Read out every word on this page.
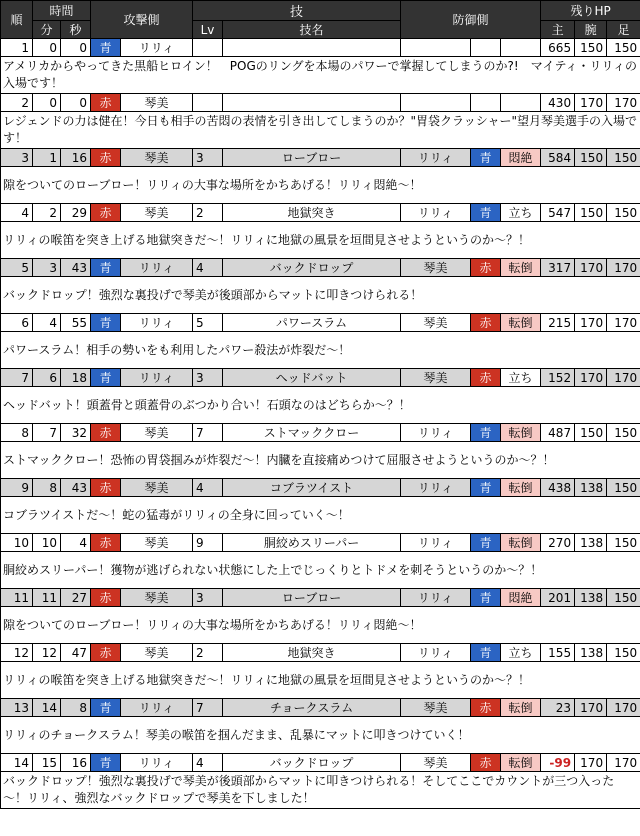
順	時間		攻撃側		技		防御側			残りHP		
	分	秒			Lv	技名				主	腕	足
1	0	0	青	リリィ						665	150	150
アメリカからやってきた黒船ヒロイン！　POGのリングを本場のパワーで掌握してしまうのか?!　マイティ・リリィの入場です！												
2	0	0	赤	琴美						430	170	170
レジェンドの力は健在！今日も相手の苦悶の表情を引き出してしまうのか？"胃袋クラッシャー"望月琴美選手の入場です！												
3	1	16	赤	琴美	3	ローブロー	リリィ	青	悶絶	584	150	150
隙をついてのローブロー！リリィの大事な場所をかちあげる！リリィ悶絶～！												
4	2	29	赤	琴美	2	地獄突き	リリィ	青	立ち	547	150	150
リリィの喉笛を突き上げる地獄突きだ～！リリィに地獄の風景を垣間見させようというのか～？！												
5	3	43	青	リリィ	4	バックドロップ	琴美	赤	転倒	317	170	170
バックドロップ！強烈な裏投げで琴美が後頭部からマットに叩きつけられる！												
6	4	55	青	リリィ	5	パワースラム	琴美	赤	転倒	215	170	170
パワースラム！相手の勢いをも利用したパワー殺法が炸裂だ～！												
7	6	18	青	リリィ	3	ヘッドバット	琴美	赤	立ち	152	170	170
ヘッドバット！頭蓋骨と頭蓋骨のぶつかり合い！石頭なのはどちらか～？！												
8	7	32	赤	琴美	7	ストマッククロー	リリィ	青	転倒	487	150	150
ストマッククロー！恐怖の胃袋掴みが炸裂だ～！内臓を直接痛めつけて屈服させようというのか～？！												
9	8	43	赤	琴美	4	コブラツイスト	リリィ	青	転倒	438	138	150
コブラツイストだ～！蛇の猛毒がリリィの全身に回っていく～！												
10	10	4	赤	琴美	9	胴絞めスリーパー	リリィ	青	転倒	270	138	150
胴絞めスリーパー！獲物が逃げられない状態にした上でじっくりとトドメを刺そうというのか～？！												
11	11	27	赤	琴美	3	ローブロー	リリィ	青	悶絶	201	138	150
隙をついてのローブロー！リリィの大事な場所をかちあげる！リリィ悶絶～！												
12	12	47	赤	琴美	2	地獄突き	リリィ	青	立ち	155	138	150
リリィの喉笛を突き上げる地獄突きだ～！リリィに地獄の風景を垣間見させようというのか～？！												
13	14	8	青	リリィ	7	チョークスラム	琴美	赤	転倒	23	170	170
リリィのチョークスラム！琴美の喉笛を掴んだまま、乱暴にマットに叩きつけていく！												
14	15	16	青	リリィ	4	バックドロップ	琴美	赤	転倒	-99	170	170
バックドロップ！強烈な裏投げで琴美が後頭部からマットに叩きつけられる！そしてここでカウントが三つ入った～！リリィ、強烈なバックドロップで琴美を下しました！												
